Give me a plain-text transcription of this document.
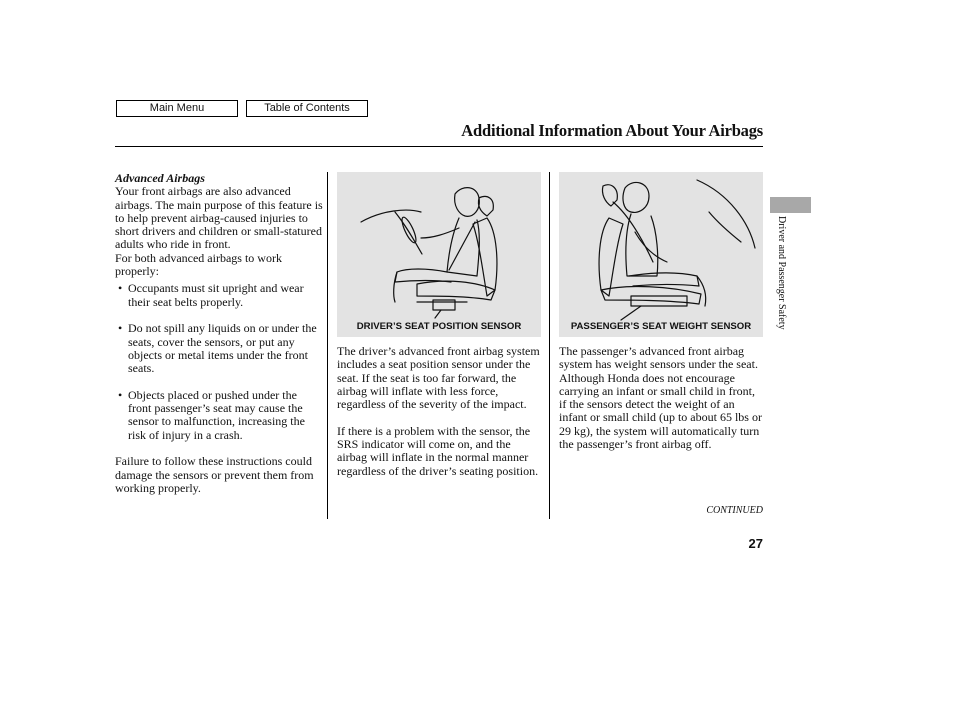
Main Menu	Table of Contents
Additional Information About Your Airbags
Driver and Passenger Safety

Advanced Airbags

Your front airbags are also advanced airbags. The main purpose of this feature is to help prevent airbag-caused injuries to short drivers and children or small-statured adults who ride in front.

For both advanced airbags to work properly:

• Occupants must sit upright and wear their seat belts properly.
• Do not spill any liquids on or under the seats, cover the sensors, or put any objects or metal items under the front seats.
• Objects placed or pushed under the front passenger’s seat may cause the sensor to malfunction, increasing the risk of injury in a crash.

Failure to follow these instructions could damage the sensors or prevent them from working properly.

DRIVER’S SEAT POSITION SENSOR	PASSENGER’S SEAT WEIGHT SENSOR

The driver’s advanced front airbag system includes a seat position sensor under the seat. If the seat is too far forward, the airbag will inflate with less force, regardless of the severity of the impact.

If there is a problem with the sensor, the SRS indicator will come on, and the airbag will inflate in the normal manner regardless of the driver’s seating position.

The passenger’s advanced front airbag system has weight sensors under the seat. Although Honda does not encourage carrying an infant or small child in front, if the sensors detect the weight of an infant or small child (up to about 65 lbs or 29 kg), the system will automatically turn the passenger’s front airbag off.

CONTINUED
27
